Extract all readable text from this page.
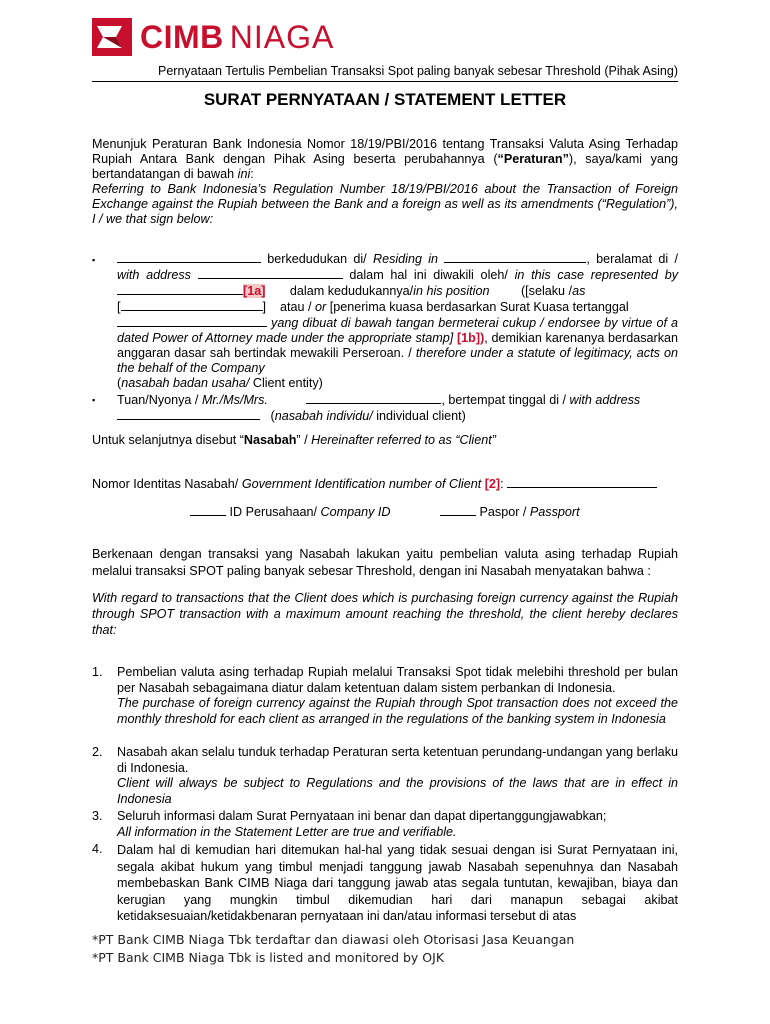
CIMB NIAGA
Pernyataan Tertulis Pembelian Transaksi Spot paling banyak sebesar Threshold (Pihak Asing)
SURAT PERNYATAAN / STATEMENT LETTER
Menunjuk Peraturan Bank Indonesia Nomor 18/19/PBI/2016 tentang Transaksi Valuta Asing Terhadap Rupiah Antara Bank dengan Pihak Asing beserta perubahannya (“Peraturan”), saya/kami yang bertandatangan di bawah ini:
Referring to Bank Indonesia’s Regulation Number 18/19/PBI/2016 about the Transaction of Foreign Exchange against the Rupiah between the Bank and a foreign as well as its amendments (“Regulation”), I / we that sign below:
▪	berkedudukan di/ Residing in	, beralamat di / with address	dalam hal ini diwakili oleh/ in this case represented by [1a] dalam kedudukannya/in his position	([selaku /as
[	] atau / or [penerima kuasa berdasarkan Surat Kuasa tertanggal
yang dibuat di bawah tangan bermeterai cukup / endorsee by virtue of a dated Power of Attorney made under the appropriate stamp] [1b]), demikian karenanya berdasarkan anggaran dasar sah bertindak mewakili Perseroan. / therefore under a statute of legitimacy, acts on the behalf of the Company
(nasabah badan usaha/ Client entity)
▪ Tuan/Nyonya / Mr./Ms/Mrs.	, bertempat tinggal di / with address
(nasabah individu/ individual client)
Untuk selanjutnya disebut “Nasabah” / Hereinafter referred to as “Client”
Nomor Identitas Nasabah/ Government Identification number of Client [2]:
ID Perusahaan/ Company ID	Paspor / Passport
Berkenaan dengan transaksi yang Nasabah lakukan yaitu pembelian valuta asing terhadap Rupiah melalui transaksi SPOT paling banyak sebesar Threshold, dengan ini Nasabah menyatakan bahwa :
With regard to transactions that the Client does which is purchasing foreign currency against the Rupiah through SPOT transaction with a maximum amount reaching the threshold, the client hereby declares that:
1.	Pembelian valuta asing terhadap Rupiah melalui Transaksi Spot tidak melebihi threshold per bulan per Nasabah sebagaimana diatur dalam ketentuan dalam sistem perbankan di Indonesia.
The purchase of foreign currency against the Rupiah through Spot transaction does not exceed the monthly threshold for each client as arranged in the regulations of the banking system in Indonesia
2.	Nasabah akan selalu tunduk terhadap Peraturan serta ketentuan perundang-undangan yang berlaku di Indonesia.
Client will always be subject to Regulations and the provisions of the laws that are in effect in Indonesia
3.	Seluruh informasi dalam Surat Pernyataan ini benar dan dapat dipertanggungjawabkan;
All information in the Statement Letter are true and verifiable.
4.	Dalam hal di kemudian hari ditemukan hal-hal yang tidak sesuai dengan isi Surat Pernyataan ini, segala akibat hukum yang timbul menjadi tanggung jawab Nasabah sepenuhnya dan Nasabah membebaskan Bank CIMB Niaga dari tanggung jawab atas segala tuntutan, kewajiban, biaya dan kerugian yang mungkin timbul dikemudian hari dari manapun sebagai akibat ketidaksesuaian/ketidakbenaran pernyataan ini dan/atau informasi tersebut di atas
*PT Bank CIMB Niaga Tbk terdaftar dan diawasi oleh Otorisasi Jasa Keuangan
*PT Bank CIMB Niaga Tbk is listed and monitored by OJK
